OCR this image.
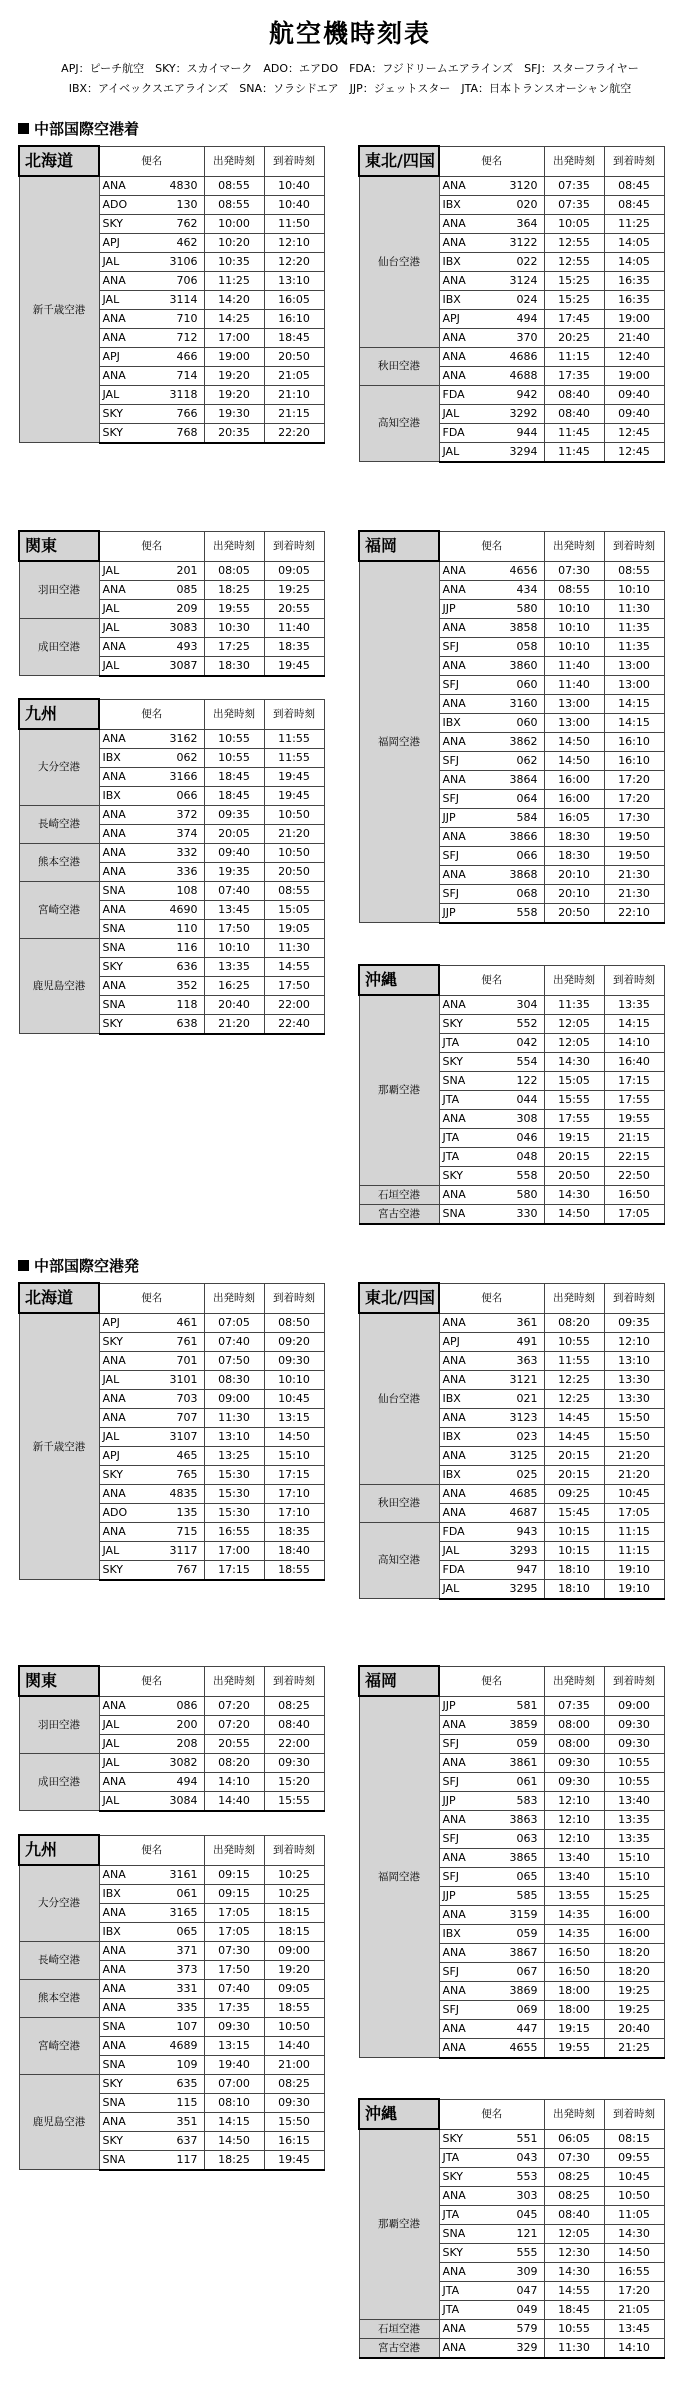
航空機時刻表
APJ：ピーチ航空　SKY：スカイマーク　ADO：エアDO　FDA：フジドリームエアラインズ　SFJ：スターフライヤー
IBX：アイベックスエアラインズ　SNA：ソラシドエア　JJP：ジェットスター　JTA：日本トランスオーシャン航空
中部国際空港着
中部国際空港発
北海道	便名		出発時刻	到着時刻
新千歳空港	ANA	4830	08:55	10:40
	ADO	130	08:55	10:40
	SKY	762	10:00	11:50
	APJ	462	10:20	12:10
	JAL	3106	10:35	12:20
	ANA	706	11:25	13:10
	JAL	3114	14:20	16:05
	ANA	710	14:25	16:10
	ANA	712	17:00	18:45
	APJ	466	19:00	20:50
	ANA	714	19:20	21:05
	JAL	3118	19:20	21:10
	SKY	766	19:30	21:15
	SKY	768	20:35	22:20
東北/四国	便名		出発時刻	到着時刻
仙台空港	ANA	3120	07:35	08:45
	IBX	020	07:35	08:45
	ANA	364	10:05	11:25
	ANA	3122	12:55	14:05
	IBX	022	12:55	14:05
	ANA	3124	15:25	16:35
	IBX	024	15:25	16:35
	APJ	494	17:45	19:00
	ANA	370	20:25	21:40
秋田空港	ANA	4686	11:15	12:40
	ANA	4688	17:35	19:00
高知空港	FDA	942	08:40	09:40
	JAL	3292	08:40	09:40
	FDA	944	11:45	12:45
	JAL	3294	11:45	12:45
関東	便名		出発時刻	到着時刻
羽田空港	JAL	201	08:05	09:05
	ANA	085	18:25	19:25
	JAL	209	19:55	20:55
成田空港	JAL	3083	10:30	11:40
	ANA	493	17:25	18:35
	JAL	3087	18:30	19:45
九州	便名		出発時刻	到着時刻
大分空港	ANA	3162	10:55	11:55
	IBX	062	10:55	11:55
	ANA	3166	18:45	19:45
	IBX	066	18:45	19:45
長崎空港	ANA	372	09:35	10:50
	ANA	374	20:05	21:20
熊本空港	ANA	332	09:40	10:50
	ANA	336	19:35	20:50
宮崎空港	SNA	108	07:40	08:55
	ANA	4690	13:45	15:05
	SNA	110	17:50	19:05
鹿児島空港	SNA	116	10:10	11:30
	SKY	636	13:35	14:55
	ANA	352	16:25	17:50
	SNA	118	20:40	22:00
	SKY	638	21:20	22:40
福岡	便名		出発時刻	到着時刻
福岡空港	ANA	4656	07:30	08:55
	ANA	434	08:55	10:10
	JJP	580	10:10	11:30
	ANA	3858	10:10	11:35
	SFJ	058	10:10	11:35
	ANA	3860	11:40	13:00
	SFJ	060	11:40	13:00
	ANA	3160	13:00	14:15
	IBX	060	13:00	14:15
	ANA	3862	14:50	16:10
	SFJ	062	14:50	16:10
	ANA	3864	16:00	17:20
	SFJ	064	16:00	17:20
	JJP	584	16:05	17:30
	ANA	3866	18:30	19:50
	SFJ	066	18:30	19:50
	ANA	3868	20:10	21:30
	SFJ	068	20:10	21:30
	JJP	558	20:50	22:10
沖縄	便名		出発時刻	到着時刻
那覇空港	ANA	304	11:35	13:35
	SKY	552	12:05	14:15
	JTA	042	12:05	14:10
	SKY	554	14:30	16:40
	SNA	122	15:05	17:15
	JTA	044	15:55	17:55
	ANA	308	17:55	19:55
	JTA	046	19:15	21:15
	JTA	048	20:15	22:15
	SKY	558	20:50	22:50
石垣空港	ANA	580	14:30	16:50
宮古空港	SNA	330	14:50	17:05
北海道	便名		出発時刻	到着時刻
新千歳空港	APJ	461	07:05	08:50
	SKY	761	07:40	09:20
	ANA	701	07:50	09:30
	JAL	3101	08:30	10:10
	ANA	703	09:00	10:45
	ANA	707	11:30	13:15
	JAL	3107	13:10	14:50
	APJ	465	13:25	15:10
	SKY	765	15:30	17:15
	ANA	4835	15:30	17:10
	ADO	135	15:30	17:10
	ANA	715	16:55	18:35
	JAL	3117	17:00	18:40
	SKY	767	17:15	18:55
東北/四国	便名		出発時刻	到着時刻
仙台空港	ANA	361	08:20	09:35
	APJ	491	10:55	12:10
	ANA	363	11:55	13:10
	ANA	3121	12:25	13:30
	IBX	021	12:25	13:30
	ANA	3123	14:45	15:50
	IBX	023	14:45	15:50
	ANA	3125	20:15	21:20
	IBX	025	20:15	21:20
秋田空港	ANA	4685	09:25	10:45
	ANA	4687	15:45	17:05
高知空港	FDA	943	10:15	11:15
	JAL	3293	10:15	11:15
	FDA	947	18:10	19:10
	JAL	3295	18:10	19:10
関東	便名		出発時刻	到着時刻
羽田空港	ANA	086	07:20	08:25
	JAL	200	07:20	08:40
	JAL	208	20:55	22:00
成田空港	JAL	3082	08:20	09:30
	ANA	494	14:10	15:20
	JAL	3084	14:40	15:55
九州	便名		出発時刻	到着時刻
大分空港	ANA	3161	09:15	10:25
	IBX	061	09:15	10:25
	ANA	3165	17:05	18:15
	IBX	065	17:05	18:15
長崎空港	ANA	371	07:30	09:00
	ANA	373	17:50	19:20
熊本空港	ANA	331	07:40	09:05
	ANA	335	17:35	18:55
宮崎空港	SNA	107	09:30	10:50
	ANA	4689	13:15	14:40
	SNA	109	19:40	21:00
鹿児島空港	SKY	635	07:00	08:25
	SNA	115	08:10	09:30
	ANA	351	14:15	15:50
	SKY	637	14:50	16:15
	SNA	117	18:25	19:45
福岡	便名		出発時刻	到着時刻
福岡空港	JJP	581	07:35	09:00
	ANA	3859	08:00	09:30
	SFJ	059	08:00	09:30
	ANA	3861	09:30	10:55
	SFJ	061	09:30	10:55
	JJP	583	12:10	13:40
	ANA	3863	12:10	13:35
	SFJ	063	12:10	13:35
	ANA	3865	13:40	15:10
	SFJ	065	13:40	15:10
	JJP	585	13:55	15:25
	ANA	3159	14:35	16:00
	IBX	059	14:35	16:00
	ANA	3867	16:50	18:20
	SFJ	067	16:50	18:20
	ANA	3869	18:00	19:25
	SFJ	069	18:00	19:25
	ANA	447	19:15	20:40
	ANA	4655	19:55	21:25
沖縄	便名		出発時刻	到着時刻
那覇空港	SKY	551	06:05	08:15
	JTA	043	07:30	09:55
	SKY	553	08:25	10:45
	ANA	303	08:25	10:50
	JTA	045	08:40	11:05
	SNA	121	12:05	14:30
	SKY	555	12:30	14:50
	ANA	309	14:30	16:55
	JTA	047	14:55	17:20
	JTA	049	18:45	21:05
石垣空港	ANA	579	10:55	13:45
宮古空港	ANA	329	11:30	14:10
